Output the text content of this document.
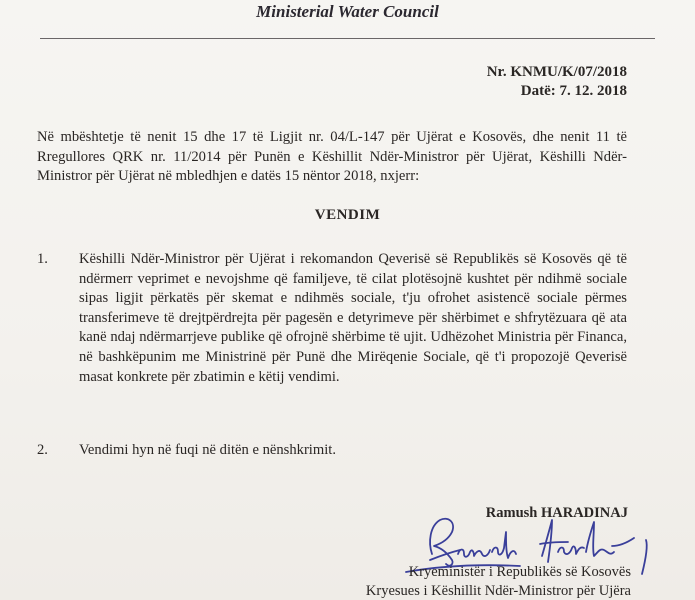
Ministerial Water Council
Nr. KNMU/K/07/2018
Datë: 7. 12. 2018
Në mbështetje të nenit 15 dhe 17 të Ligjit nr. 04/L-147 për Ujërat e Kosovës, dhe nenit 11 të Rregullores QRK nr. 11/2014 për Punën e Këshillit Ndër-Ministror për Ujërat, Këshilli Ndër-Ministror për Ujërat në mbledhjen e datës 15 nëntor 2018, nxjerr:
VENDIM
1. Këshilli Ndër-Ministror për Ujërat i rekomandon Qeverisë së Republikës së Kosovës që të ndërmerr veprimet e nevojshme që familjeve, të cilat plotësojnë kushtet për ndihmë sociale sipas ligjit përkatës për skemat e ndihmës sociale, t'ju ofrohet asistencë sociale përmes transferimeve të drejtpërdrejta për pagesën e detyrimeve për shërbimet e shfrytëzuara që ata kanë ndaj ndërmarrjeve publike që ofrojnë shërbime të ujit. Udhëzohet Ministria për Financa, në bashkëpunim me Ministrinë për Punë dhe Mirëqenie Sociale, që t'i propozojë Qeverisë masat konkrete për zbatimin e këtij vendimi.
2. Vendimi hyn në fuqi në ditën e nënshkrimit.
Ramush HARADINAJ
Kryeministër i Republikës së Kosovës
Kryesues i Këshillit Ndër-Ministror për Ujëra
